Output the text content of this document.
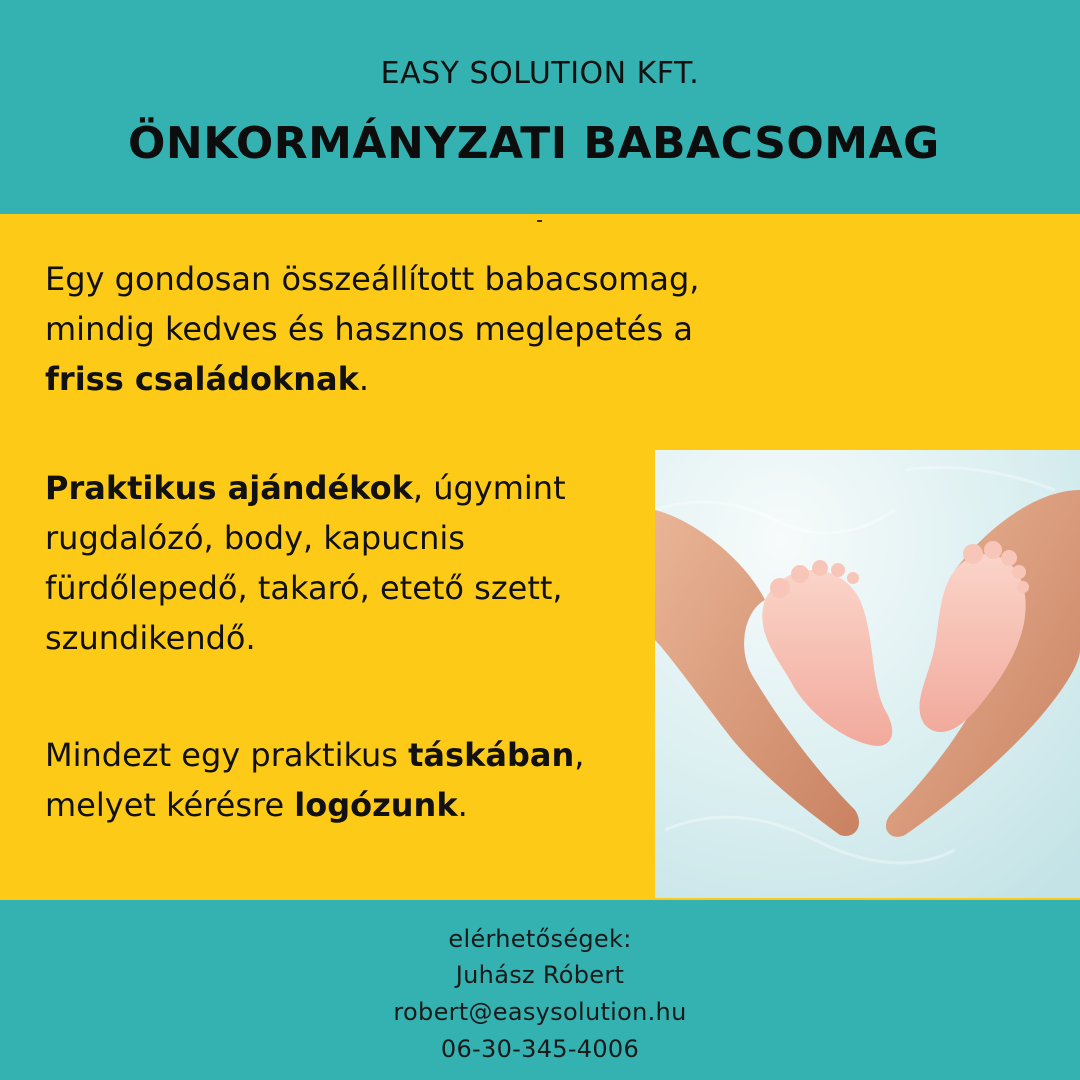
EASY SOLUTION KFT.
ÖNKORMÁNYZATI BABACSOMAG
Egy gondosan összeállított babacsomag,
mindig kedves és hasznos meglepetés a
friss családoknak.
Praktikus ajándékok, úgymint
rugdalózó, body, kapucnis
fürdőlepedő, takaró, etető szett,
szundikendő.
Mindezt egy praktikus táskában,
melyet kérésre logózunk.
elérhetőségek:
Juhász Róbert
robert@easysolution.hu
06-30-345-4006
